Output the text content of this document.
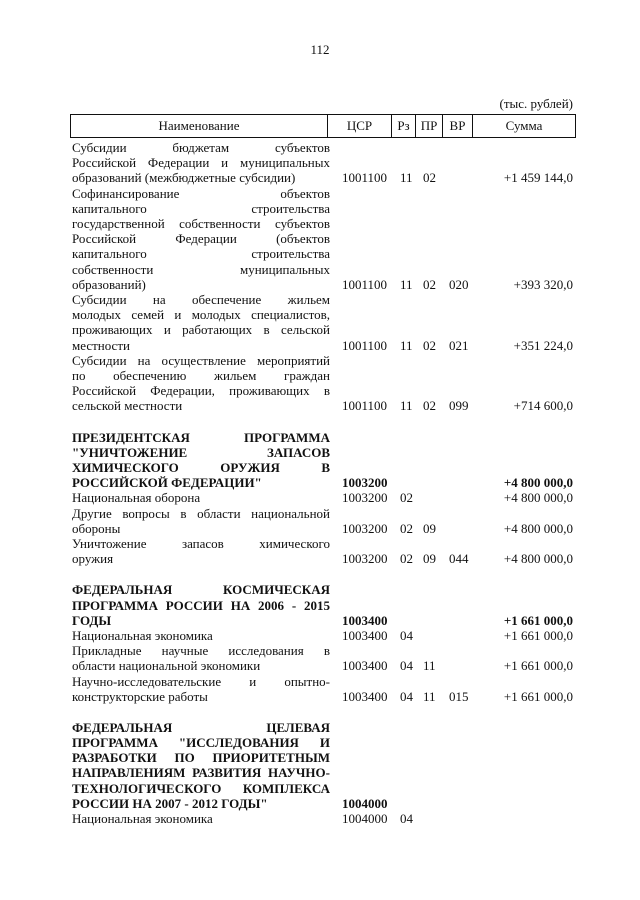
112
(тыс. рублей)
Наименование	ЦСР	Рз ПР ВР	Сумма
Субсидии бюджетам субъектов
Российской Федерации и муниципальных
образований (межбюджетные субсидии)	1001100 11 02	+1 459 144,0
Софинансирование объектов
капитального строительства
государственной собственности субъектов
Российской Федерации (объектов
капитального строительства
собственности муниципальных
образований)	1001100 11 02 020	+393 320,0
Субсидии на обеспечение жильем
молодых семей и молодых специалистов,
проживающих и работающих в сельской
местности	1001100 11 02 021	+351 224,0
Субсидии на осуществление мероприятий
по обеспечению жильем граждан
Российской Федерации, проживающих в
сельской местности	1001100 11 02 099	+714 600,0
ПРЕЗИДЕНТСКАЯ ПРОГРАММА
"УНИЧТОЖЕНИЕ ЗАПАСОВ
ХИМИЧЕСКОГО ОРУЖИЯ В
РОССИЙСКОЙ ФЕДЕРАЦИИ"	1003200	+4 800 000,0
Национальная оборона	1003200 02	+4 800 000,0
Другие вопросы в области национальной
обороны	1003200 02 09	+4 800 000,0
Уничтожение запасов химического
оружия	1003200 02 09 044	+4 800 000,0
ФЕДЕРАЛЬНАЯ КОСМИЧЕСКАЯ
ПРОГРАММА РОССИИ НА 2006 - 2015
ГОДЫ	1003400	+1 661 000,0
Национальная экономика	1003400 04	+1 661 000,0
Прикладные научные исследования в
области национальной экономики	1003400 04 11	+1 661 000,0
Научно-исследовательские и опытно-
конструкторские работы	1003400 04 11 015	+1 661 000,0
ФЕДЕРАЛЬНАЯ ЦЕЛЕВАЯ
ПРОГРАММА "ИССЛЕДОВАНИЯ И
РАЗРАБОТКИ ПО ПРИОРИТЕТНЫМ
НАПРАВЛЕНИЯМ РАЗВИТИЯ НАУЧНО-
ТЕХНОЛОГИЧЕСКОГО КОМПЛЕКСА
РОССИИ НА 2007 - 2012 ГОДЫ"	1004000
Национальная экономика	1004000 04
